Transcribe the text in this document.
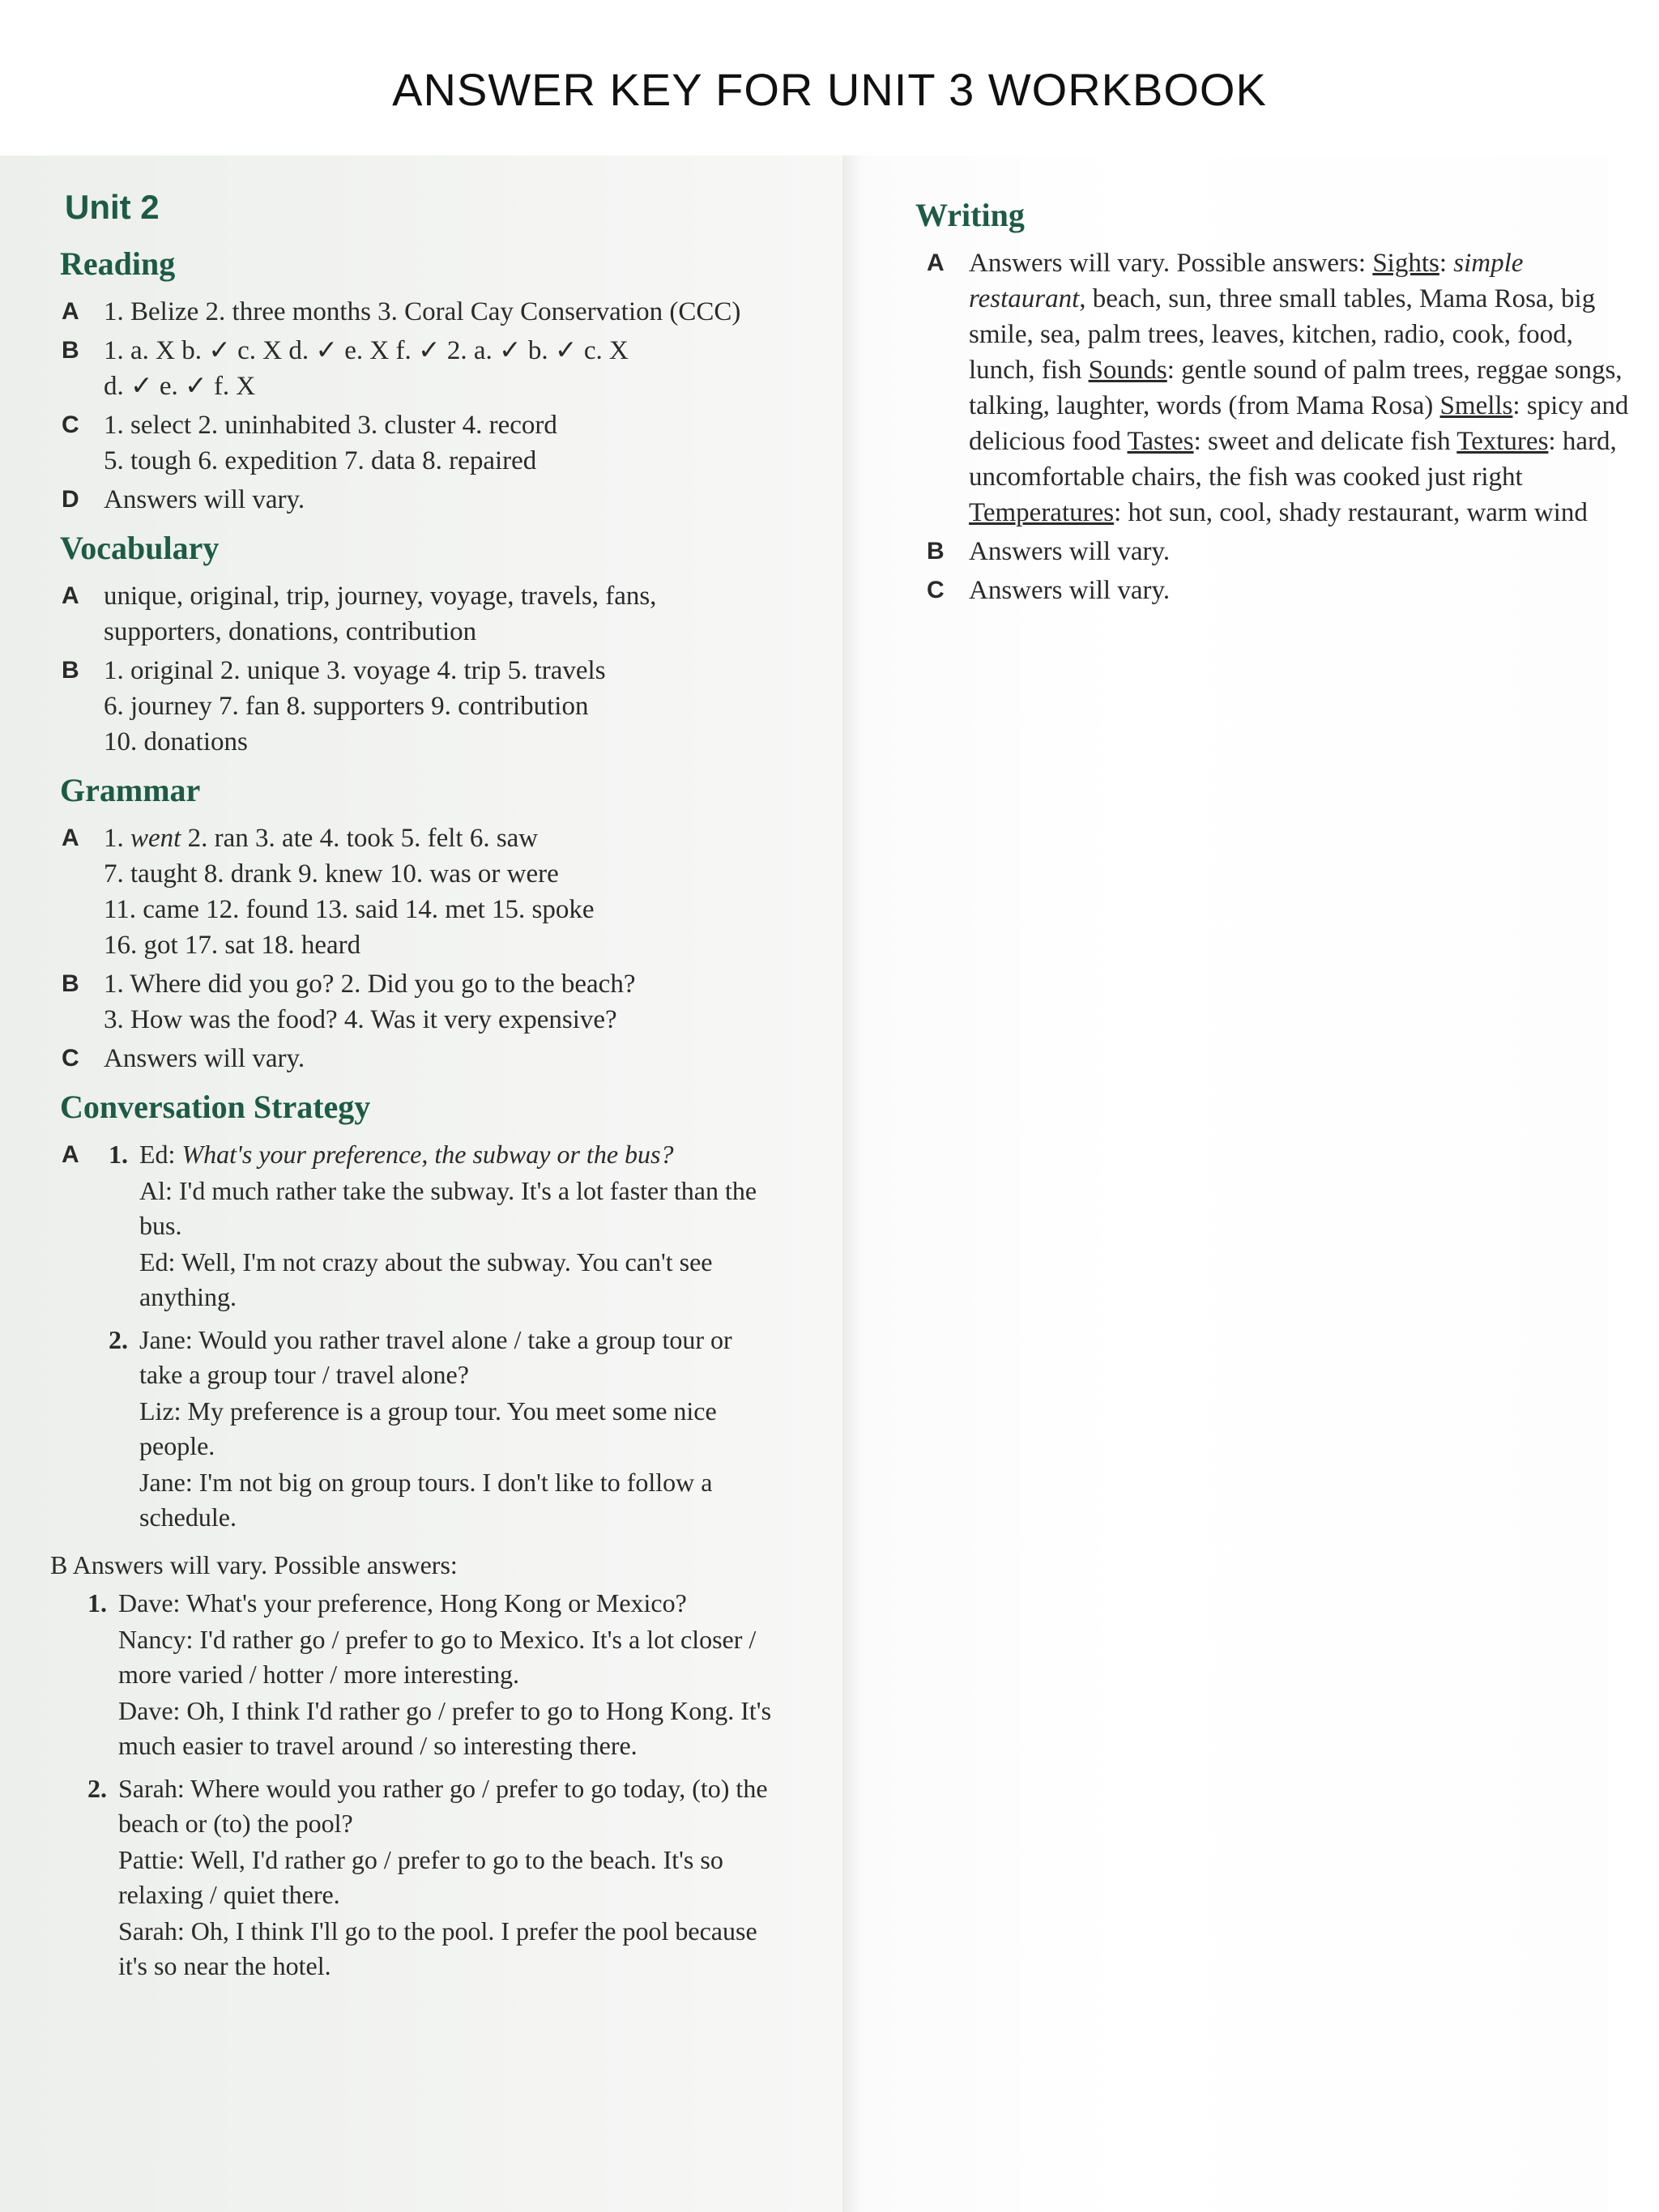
ANSWER KEY FOR UNIT 3 WORKBOOK
Unit 2
Reading
A 1. Belize 2. three months 3. Coral Cay Conservation (CCC)
B 1. a. X b. ✓ c. X d. ✓ e. X f. ✓ 2. a. ✓ b. ✓ c. X
d. ✓ e. ✓ f. X
C 1. select 2. uninhabited 3. cluster 4. record
5. tough 6. expedition 7. data 8. repaired
D Answers will vary.
Vocabulary
A unique, original, trip, journey, voyage, travels, fans, supporters, donations, contribution
B 1. original 2. unique 3. voyage 4. trip 5. travels
6. journey 7. fan 8. supporters 9. contribution
10. donations
Grammar
A 1. went 2. ran 3. ate 4. took 5. felt 6. saw
7. taught 8. drank 9. knew 10. was or were
11. came 12. found 13. said 14. met 15. spoke
16. got 17. sat 18. heard
B 1. Where did you go? 2. Did you go to the beach?
3. How was the food? 4. Was it very expensive?
C Answers will vary.
Conversation Strategy
A	1. Ed: What's your preference, the subway or the bus?
Al: I'd much rather take the subway. It's a lot faster than the bus.
Ed: Well, I'm not crazy about the subway. You can't see anything.
2. Jane: Would you rather travel alone / take a group tour or take a group tour / travel alone?
Liz: My preference is a group tour. You meet some nice people.
Jane: I'm not big on group tours. I don't like to follow a schedule.
B Answers will vary. Possible answers:
1. Dave: What's your preference, Hong Kong or Mexico?
Nancy: I'd rather go / prefer to go to Mexico. It's a lot closer / more varied / hotter / more interesting.
Dave: Oh, I think I'd rather go / prefer to go to Hong Kong. It's much easier to travel around / so interesting there.
2. Sarah: Where would you rather go / prefer to go today, (to) the beach or (to) the pool?
Pattie: Well, I'd rather go / prefer to go to the beach. It's so relaxing / quiet there.
Sarah: Oh, I think I'll go to the pool. I prefer the pool because it's so near the hotel.
Writing
A Answers will vary. Possible answers: Sights: simple restaurant, beach, sun, three small tables, Mama Rosa, big smile, sea, palm trees, leaves, kitchen, radio, cook, food, lunch, fish Sounds: gentle sound of palm trees, reggae songs, talking, laughter, words (from Mama Rosa) Smells: spicy and delicious food Tastes: sweet and delicate fish Textures: hard, uncomfortable chairs, the fish was cooked just right Temperatures: hot sun, cool, shady restaurant, warm wind
B Answers will vary.
C Answers will vary.
